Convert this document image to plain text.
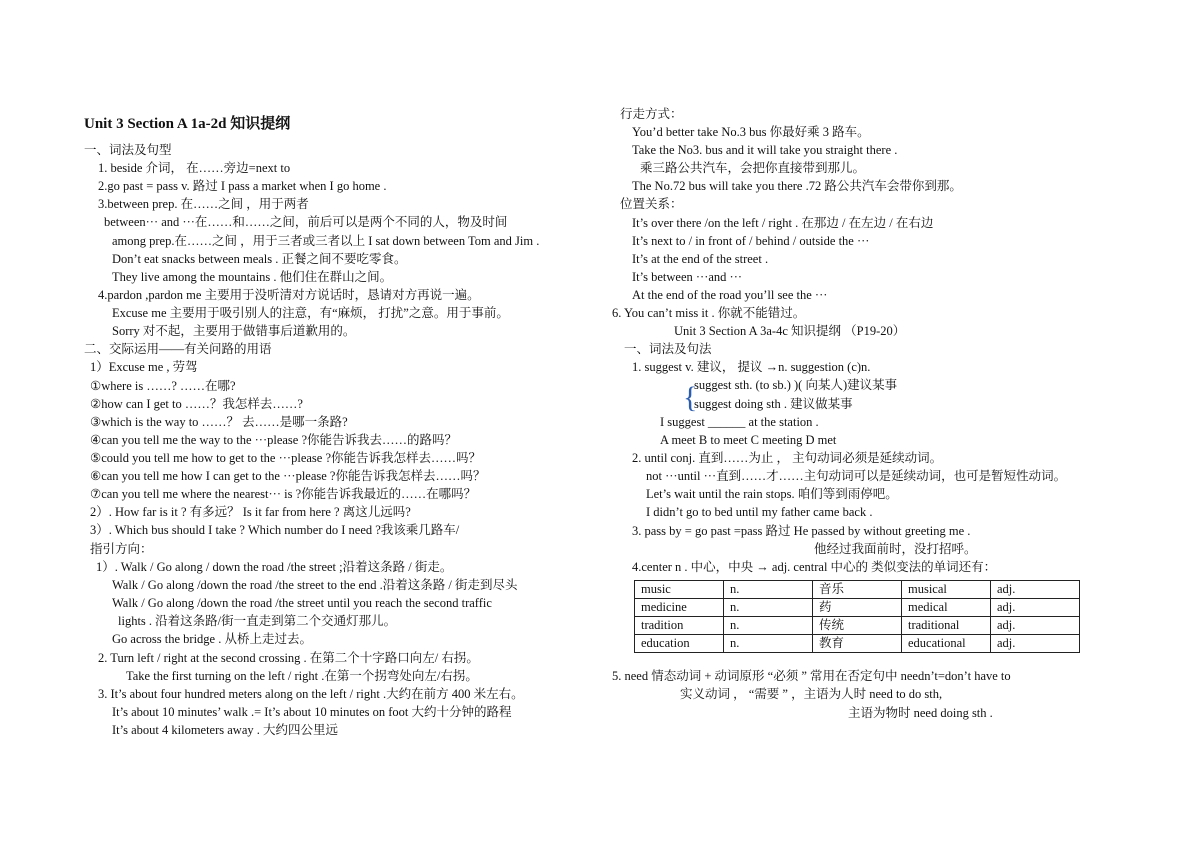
Unit 3 Section A 1a-2d 知识提纲
一、词法及句型
1. beside 介词， 在……旁边=next to
2.go past = pass v. 路过 I pass a market when I go home .
3.between prep. 在……之间 ，用于两者
between··· and ···在……和……之间，前后可以是两个不同的人，物及时间
among prep.在……之间 ，用于三者或三者以上 I sat down between Tom and Jim .
Don’t eat snacks between meals . 正餐之间不要吃零食。
They live among the mountains . 他们住在群山之间。
4.pardon ,pardon me 主要用于没听清对方说话时，恳请对方再说一遍。
Excuse me 主要用于吸引别人的注意，有“麻烦， 打扰”之意。用于事前。
Sorry 对不起，主要用于做错事后道歉用的。
二、交际运用——有关问路的用语
1）Excuse me , 劳驾
①where is ……? ……在哪?
②how can I get to ……？我怎样去……?
③which is the way to ……？ 去……是哪一条路?
④can you tell me the way to the ···please ?你能告诉我去……的路吗？
⑤could you tell me how to get to the ···please ?你能告诉我怎样去……吗？
⑥can you tell me how I can get to the ···please ?你能告诉我怎样去……吗？
⑦can you tell me where the nearest··· is ?你能告诉我最近的……在哪吗？
2）. How far is it ? 有多远？ Is it far from here ? 离这儿远吗?
3）. Which bus should I take ? Which number do I need ?我该乘几路车/
指引方向：
1）. Walk / Go along / down the road /the street ;沿着这条路 / 街走。
Walk / Go along /down the road /the street to the end .沿着这条路 / 街走到尽头
Walk / Go along /down the road /the street until you reach the second traffic
lights . 沿着这条路/街一直走到第二个交通灯那儿。
Go across the bridge . 从桥上走过去。
2. Turn left / right at the second crossing . 在第二个十字路口向左/ 右拐。
Take the first turning on the left / right .在第一个拐弯处向左/右拐。
3. It’s about four hundred meters along on the left / right .大约在前方 400 米左右。
It’s about 10 minutes’ walk .= It’s about 10 minutes on foot 大约十分钟的路程
It’s about 4 kilometers away . 大约四公里远
行走方式：
You’d better take No.3 bus 你最好乘 3 路车。
Take the No3. bus and it will take you straight there .
乘三路公共汽车，会把你直接带到那儿。
The No.72 bus will take you there .72 路公共汽车会带你到那。
位置关系：
It’s over there /on the left / right . 在那边 / 在左边 / 在右边
It’s next to / in front of / behind / outside the ···
It’s at the end of the street .
It’s between ···and ···
At the end of the road you’ll see the ···
6. You can’t miss it . 你就不能错过。
Unit 3 Section A 3a-4c 知识提纲 （P19-20）
一、词法及句法
1. suggest v. 建议， 提议 →n. suggestion (c)n.
{
suggest sth. (to sb.) )( 向某人)建议某事
suggest doing sth . 建议做某事
I suggest ______ at the station .
A meet B to meet C meeting D met
2. until conj. 直到……为止 ， 主句动词必须是延续动词。
not ···until ···直到……才……主句动词可以是延续动词，也可是暂短性动词。
Let’s wait until the rain stops. 咱们等到雨停吧。
I didn’t go to bed until my father came back .
3. pass by = go past =pass 路过 He passed by without greeting me .
他经过我面前时，没打招呼。
4.center n . 中心，中央 → adj. central 中心的 类似变法的单词还有：
music	n.	音乐	musical	adj.
medicine	n.	药	medical	adj.
tradition	n.	传统	traditional	adj.
education	n.	教育	educational	adj.
5. need 情态动词 + 动词原形 “必须 ” 常用在否定句中 needn’t=don’t have to
实义动词 ， “需要 ” ，主语为人时 need to do sth,
主语为物时 need doing sth .
